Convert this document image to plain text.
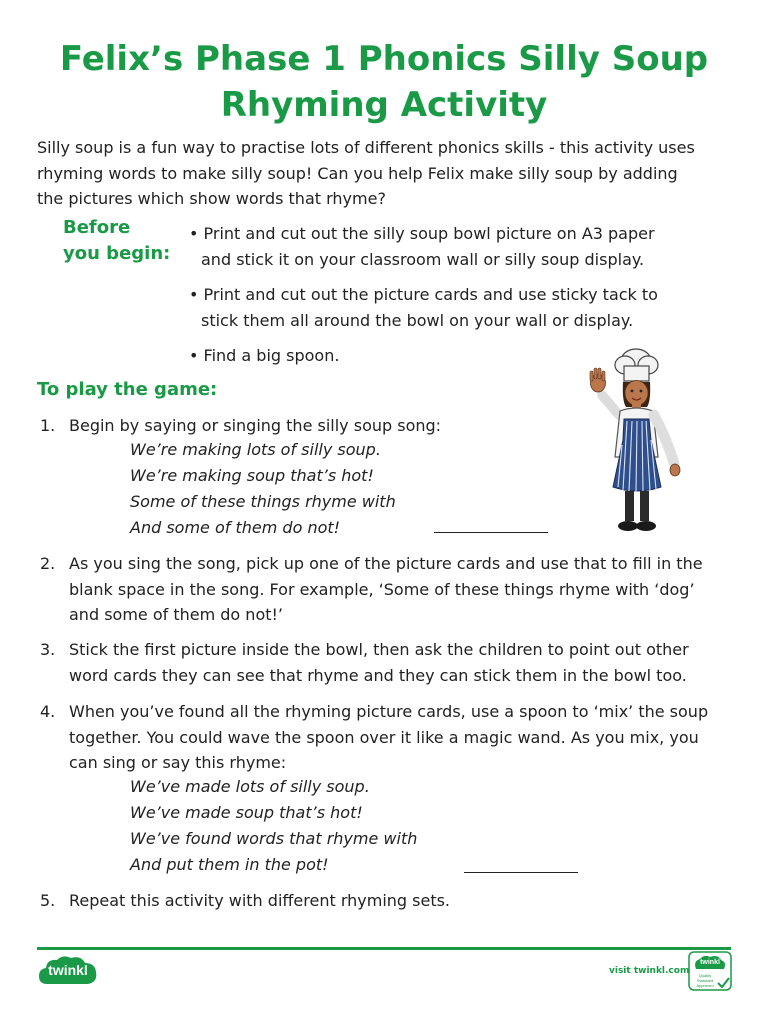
Felix’s Phase 1 Phonics Silly Soup
Rhyming Activity
Silly soup is a fun way to practise lots of different phonics skills - this activity uses
rhyming words to make silly soup! Can you help Felix make silly soup by adding
the pictures which show words that rhyme?
Before
you begin:
• Print and cut out the silly soup bowl picture on A3 paper
and stick it on your classroom wall or silly soup display.
• Print and cut out the picture cards and use sticky tack to
stick them all around the bowl on your wall or display.
• Find a big spoon.
To play the game:
1. Begin by saying or singing the silly soup song:
We’re making lots of silly soup.
We’re making soup that’s hot!
Some of these things rhyme with
And some of them do not!
2. As you sing the song, pick up one of the picture cards and use that to fill in the
blank space in the song. For example, ‘Some of these things rhyme with ‘dog’
and some of them do not!’
3. Stick the first picture inside the bowl, then ask the children to point out other
word cards they can see that rhyme and they can stick them in the bowl too.
4. When you’ve found all the rhyming picture cards, use a spoon to ‘mix’ the soup
together. You could wave the spoon over it like a magic wand. As you mix, you
can sing or say this rhyme:
We’ve made lots of silly soup.
We’ve made soup that’s hot!
We’ve found words that rhyme with
And put them in the pot!
5. Repeat this activity with different rhyming sets.
twinkl	visit twinkl.com
twinkl
Quality Standard Approved
